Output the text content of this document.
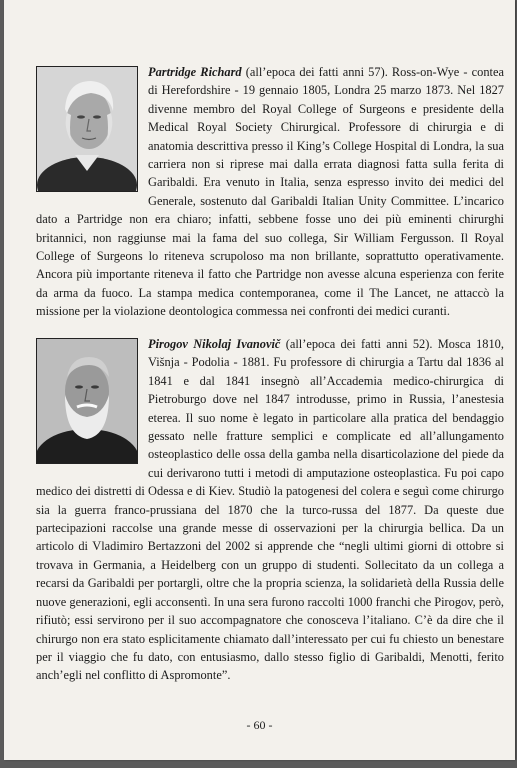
Partridge Richard (all’epoca dei fatti anni 57). Ross-on-Wye - contea di Herefordshire - 19 gennaio 1805, Londra 25 marzo 1873. Nel 1827 divenne membro del Royal College of Surgeons e presidente della Medical Royal Society Chirurgical. Professore di chirurgia e di anatomia descrittiva presso il King’s College Hospital di Londra, la sua carriera non si riprese mai dalla errata diagnosi fatta sulla ferita di Garibaldi. Era venuto in Italia, senza espresso invito dei medici del Generale, sostenuto dal Garibaldi Italian Unity Committee. L’incarico dato a Partridge non era chiaro; infatti, sebbene fosse uno dei più eminenti chirurghi britannici, non raggiunse mai la fama del suo collega, Sir William Fergusson. Il Royal College of Surgeons lo riteneva scrupoloso ma non brillante, soprattutto operativamente. Ancora più importante riteneva il fatto che Partridge non avesse alcuna esperienza con ferite da arma da fuoco. La stampa medica contemporanea, come il The Lancet, ne attaccò la missione per la violazione deontologica commessa nei confronti dei medici curanti.

Pirogov Nikolaj Ivanovič (all’epoca dei fatti anni 52). Mosca 1810, Višnja - Podolia - 1881. Fu professore di chirurgia a Tartu dal 1836 al 1841 e dal 1841 insegnò all’Accademia medico-chirurgica di Pietroburgo dove nel 1847 introdusse, primo in Russia, l’anestesia eterea. Il suo nome è legato in particolare alla pratica del bendaggio gessato nelle fratture semplici e complicate ed all’allungamento osteoplastico delle ossa della gamba nella disarticolazione del piede da cui derivarono tutti i metodi di amputazione osteoplastica. Fu poi capo medico dei distretti di Odessa e di Kiev. Studiò la patogenesi del colera e seguì come chirurgo sia la guerra franco-prussiana del 1870 che la turco-russa del 1877. Da queste due partecipazioni raccolse una grande messe di osservazioni per la chirurgia bellica. Da un articolo di Vladimiro Bertazzoni del 2002 si apprende che “negli ultimi giorni di ottobre si trovava in Germania, a Heidelberg con un gruppo di studenti. Sollecitato da un collega a recarsi da Garibaldi per portargli, oltre che la propria scienza, la solidarietà della Russia delle nuove generazioni, egli acconsentì. In una sera furono raccolti 1000 franchi che Pirogov, però, rifiutò; essi servirono per il suo accompagnatore che conosceva l’italiano. C’è da dire che il chirurgo non era stato esplicitamente chiamato dall’interessato per cui fu chiesto un benestare per il viaggio che fu dato, con entusiasmo, dallo stesso figlio di Garibaldi, Menotti, ferito anch’egli nel conflitto di Aspromonte”.

- 60 -
